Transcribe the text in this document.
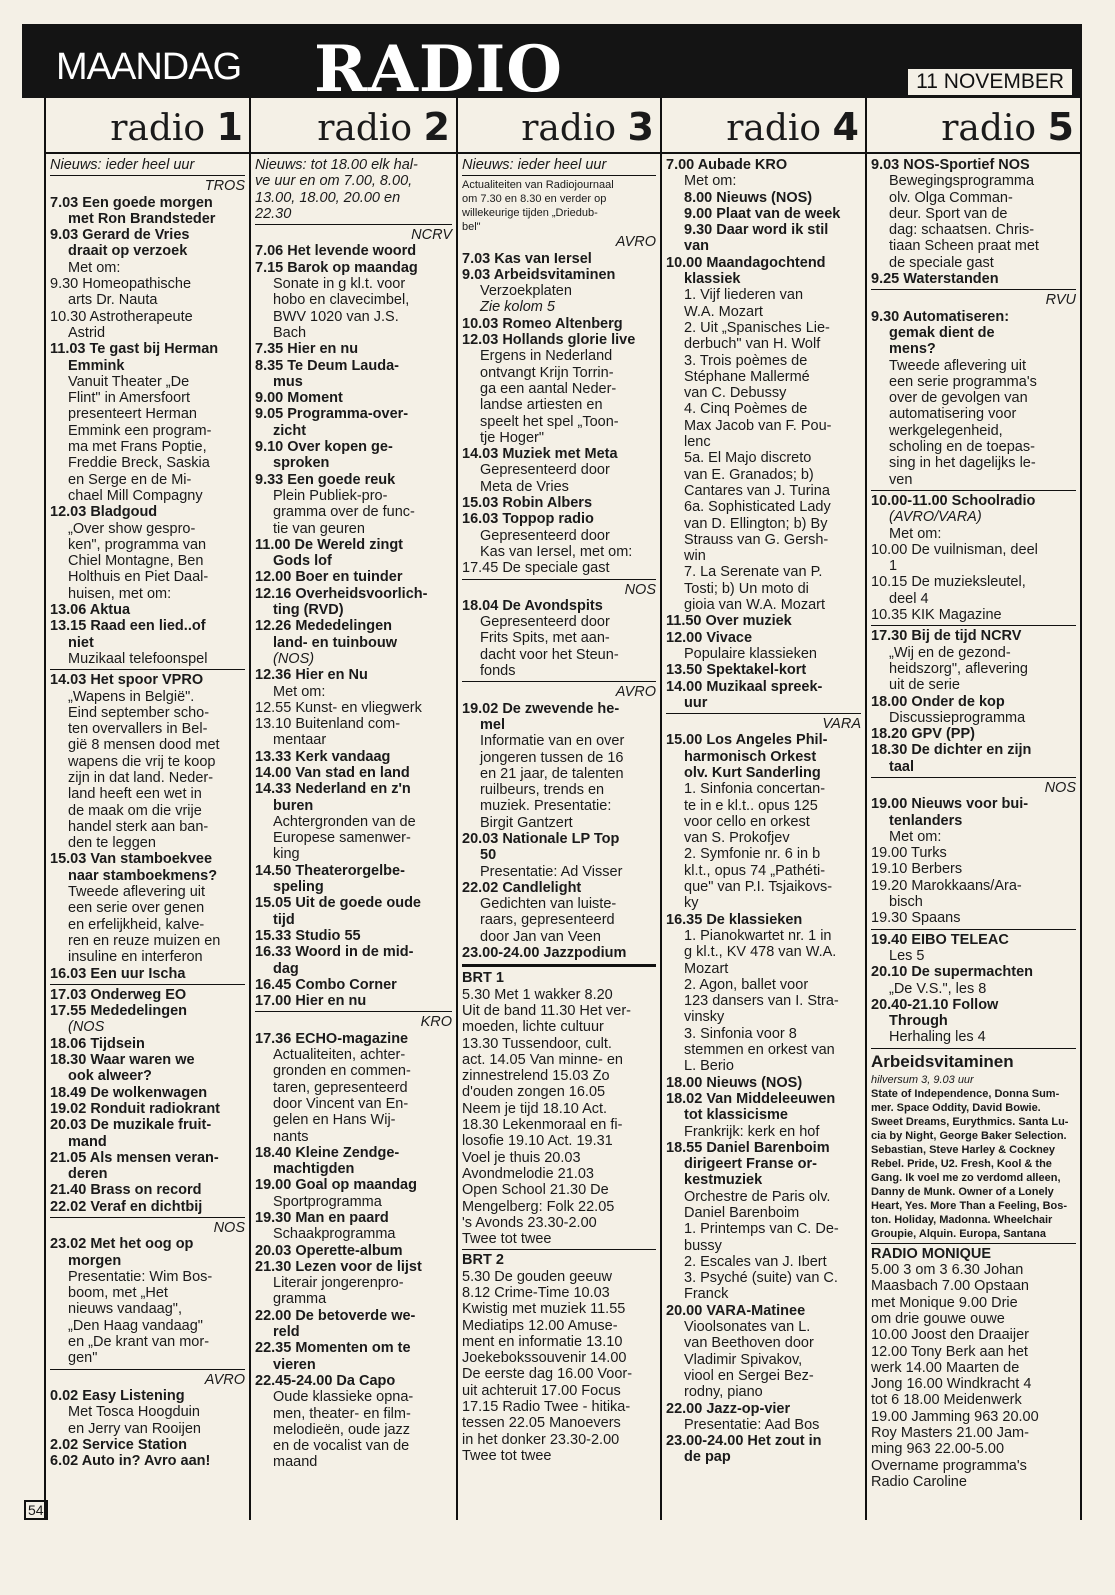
MAANDAG RADIO	11 NOVEMBER
radio 1
Nieuws: ieder heel uur
TROS
7.03 Een goede morgen
met Ron Brandsteder
9.03 Gerard de Vries
draait op verzoek
Met om:
9.30 Homeopathische
arts Dr. Nauta
10.30 Astrotherapeute
Astrid
11.03 Te gast bij Herman
Emmink
Vanuit Theater „De
Flint" in Amersfoort
presenteert Herman
Emmink een program-
ma met Frans Poptie,
Freddie Breck, Saskia
en Serge en de Mi-
chael Mill Compagny
12.03 Bladgoud
„Over show gespro-
ken", programma van
Chiel Montagne, Ben
Holthuis en Piet Daal-
huisen, met om:
13.06 Aktua
13.15 Raad een lied..of
niet
Muzikaal telefoonspel
14.03 Het spoor VPRO
„Wapens in België".
Eind september scho-
ten overvallers in Bel-
gië 8 mensen dood met
wapens die vrij te koop
zijn in dat land. Neder-
land heeft een wet in
de maak om die vrije
handel sterk aan ban-
den te leggen
15.03 Van stamboekvee
naar stamboekmens?
Tweede aflevering uit
een serie over genen
en erfelijkheid, kalve-
ren en reuze muizen en
insuline en interferon
16.03 Een uur Ischa
17.03 Onderweg EO
17.55 Mededelingen
(NOS
18.06 Tijdsein
18.30 Waar waren we
ook alweer?
18.49 De wolkenwagen
19.02 Ronduit radiokrant
20.03 De muzikale fruit-
mand
21.05 Als mensen veran-
deren
21.40 Brass on record
22.02 Veraf en dichtbij
NOS
23.02 Met het oog op
morgen
Presentatie: Wim Bos-
boom, met „Het
nieuws vandaag",
„Den Haag vandaag"
en „De krant van mor-
gen"
AVRO
0.02 Easy Listening
Met Tosca Hoogduin
en Jerry van Rooijen
2.02 Service Station
6.02 Auto in? Avro aan!
radio 2
Nieuws: tot 18.00 elk hal-
ve uur en om 7.00, 8.00,
13.00, 18.00, 20.00 en
22.30
NCRV
7.06 Het levende woord
7.15 Barok op maandag
Sonate in g kl.t. voor
hobo en clavecimbel,
BWV 1020 van J.S.
Bach
7.35 Hier en nu
8.35 Te Deum Lauda-
mus
9.00 Moment
9.05 Programma-over-
zicht
9.10 Over kopen ge-
sproken
9.33 Een goede reuk
Plein Publiek-pro-
gramma over de func-
tie van geuren
11.00 De Wereld zingt
Gods lof
12.00 Boer en tuinder
12.16 Overheidsvoorlich-
ting (RVD)
12.26 Mededelingen
land- en tuinbouw
(NOS)
12.36 Hier en Nu
Met om:
12.55 Kunst- en vliegwerk
13.10 Buitenland com-
mentaar
13.33 Kerk vandaag
14.00 Van stad en land
14.33 Nederland en z'n
buren
Achtergronden van de
Europese samenwer-
king
14.50 Theaterorgelbe-
speling
15.05 Uit de goede oude
tijd
15.33 Studio 55
16.33 Woord in de mid-
dag
16.45 Combo Corner
17.00 Hier en nu
KRO
17.36 ECHO-magazine
Actualiteiten, achter-
gronden en commen-
taren, gepresenteerd
door Vincent van En-
gelen en Hans Wij-
nants
18.40 Kleine Zendge-
machtigden
19.00 Goal op maandag
Sportprogramma
19.30 Man en paard
Schaakprogramma
20.03 Operette-album
21.30 Lezen voor de lijst
Literair jongerenpro-
gramma
22.00 De betoverde we-
reld
22.35 Momenten om te
vieren
22.45-24.00 Da Capo
Oude klassieke opna-
men, theater- en film-
melodieën, oude jazz
en de vocalist van de
maand
radio 3
Nieuws: ieder heel uur
Actualiteiten van Radiojournaal
om 7.30 en 8.30 en verder op
willekeurige tijden „Driedub-
bel"
AVRO
7.03 Kas van Iersel
9.03 Arbeidsvitaminen
Verzoekplaten
Zie kolom 5
10.03 Romeo Altenberg
12.03 Hollands glorie live
Ergens in Nederland
ontvangt Krijn Torrin-
ga een aantal Neder-
landse artiesten en
speelt het spel „Toon-
tje Hoger"
14.03 Muziek met Meta
Gepresenteerd door
Meta de Vries
15.03 Robin Albers
16.03 Toppop radio
Gepresenteerd door
Kas van Iersel, met om:
17.45 De speciale gast
NOS
18.04 De Avondspits
Gepresenteerd door
Frits Spits, met aan-
dacht voor het Steun-
fonds
AVRO
19.02 De zwevende he-
mel
Informatie van en over
jongeren tussen de 16
en 21 jaar, de talenten
ruilbeurs, trends en
muziek. Presentatie:
Birgit Gantzert
20.03 Nationale LP Top
50
Presentatie: Ad Visser
22.02 Candlelight
Gedichten van luiste-
raars, gepresenteerd
door Jan van Veen
23.00-24.00 Jazzpodium
BRT 1
5.30 Met 1 wakker 8.20
Uit de band 11.30 Het ver-
moeden, lichte cultuur
13.30 Tussendoor, cult.
act. 14.05 Van minne- en
zinnestrelend 15.03 Zo
d'ouden zongen 16.05
Neem je tijd 18.10 Act.
18.30 Lekenmoraal en fi-
losofie 19.10 Act. 19.31
Voel je thuis 20.03
Avondmelodie 21.03
Open School 21.30 De
Mengelberg: Folk 22.05
's Avonds 23.30-2.00
Twee tot twee
BRT 2
5.30 De gouden geeuw
8.12 Crime-Time 10.03
Kwistig met muziek 11.55
Mediatips 12.00 Amuse-
ment en informatie 13.10
Joekebokssouvenir 14.00
De eerste dag 16.00 Voor-
uit achteruit 17.00 Focus
17.15 Radio Twee - hitika-
tessen 22.05 Manoevers
in het donker 23.30-2.00
Twee tot twee
radio 4
7.00 Aubade KRO
Met om:
8.00 Nieuws (NOS)
9.00 Plaat van de week
9.30 Daar word ik stil
van
10.00 Maandagochtend
klassiek
1. Vijf liederen van
W.A. Mozart
2. Uit „Spanisches Lie-
derbuch" van H. Wolf
3. Trois poèmes de
Stéphane Mallermé
van C. Debussy
4. Cinq Poèmes de
Max Jacob van F. Pou-
lenc
5a. El Majo discreto
van E. Granados; b)
Cantares van J. Turina
6a. Sophisticated Lady
van D. Ellington; b) By
Strauss van G. Gersh-
win
7. La Serenate van P.
Tosti; b) Un moto di
gioia van W.A. Mozart
11.50 Over muziek
12.00 Vivace
Populaire klassieken
13.50 Spektakel-kort
14.00 Muzikaal spreek-
uur
VARA
15.00 Los Angeles Phil-
harmonisch Orkest
olv. Kurt Sanderling
1. Sinfonia concertan-
te in e kl.t.. opus 125
voor cello en orkest
van S. Prokofjev
2. Symfonie nr. 6 in b
kl.t., opus 74 „Pathéti-
que" van P.I. Tsjaikovs-
ky
16.35 De klassieken
1. Pianokwartet nr. 1 in
g kl.t., KV 478 van W.A.
Mozart
2. Agon, ballet voor
123 dansers van I. Stra-
vinsky
3. Sinfonia voor 8
stemmen en orkest van
L. Berio
18.00 Nieuws (NOS)
18.02 Van Middeleeuwen
tot klassicisme
Frankrijk: kerk en hof
18.55 Daniel Barenboim
dirigeert Franse or-
kestmuziek
Orchestre de Paris olv.
Daniel Barenboim
1. Printemps van C. De-
bussy
2. Escales van J. Ibert
3. Psyché (suite) van C.
Franck
20.00 VARA-Matinee
Vioolsonates van L.
van Beethoven door
Vladimir Spivakov,
viool en Sergei Bez-
rodny, piano
22.00 Jazz-op-vier
Presentatie: Aad Bos
23.00-24.00 Het zout in
de pap
radio 5
9.03 NOS-Sportief NOS
Bewegingsprogramma
olv. Olga Comman-
deur. Sport van de
dag: schaatsen. Chris-
tiaan Scheen praat met
de speciale gast
9.25 Waterstanden
RVU
9.30 Automatiseren:
gemak dient de
mens?
Tweede aflevering uit
een serie programma's
over de gevolgen van
automatisering voor
werkgelegenheid,
scholing en de toepas-
sing in het dagelijks le-
ven
10.00-11.00 Schoolradio
(AVRO/VARA)
Met om:
10.00 De vuilnisman, deel
1
10.15 De muzieksleutel,
deel 4
10.35 KIK Magazine
17.30 Bij de tijd NCRV
„Wij en de gezond-
heidszorg", aflevering
uit de serie
18.00 Onder de kop
Discussieprogramma
18.20 GPV (PP)
18.30 De dichter en zijn
taal
NOS
19.00 Nieuws voor bui-
tenlanders
Met om:
19.00 Turks
19.10 Berbers
19.20 Marokkaans/Ara-
bisch
19.30 Spaans
19.40 EIBO TELEAC
Les 5
20.10 De supermachten
„De V.S.", les 8
20.40-21.10 Follow
Through
Herhaling les 4
Arbeidsvitaminen
hilversum 3, 9.03 uur
State of Independence, Donna Sum-
mer. Space Oddity, David Bowie.
Sweet Dreams, Eurythmics. Santa Lu-
cia by Night, George Baker Selection.
Sebastian, Steve Harley & Cockney
Rebel. Pride, U2. Fresh, Kool & the
Gang. Ik voel me zo verdomd alleen,
Danny de Munk. Owner of a Lonely
Heart, Yes. More Than a Feeling, Bos-
ton. Holiday, Madonna. Wheelchair
Groupie, Alquin. Europa, Santana
RADIO MONIQUE
5.00 3 om 3 6.30 Johan
Maasbach 7.00 Opstaan
met Monique 9.00 Drie
om drie gouwe ouwe
10.00 Joost den Draaijer
12.00 Tony Berk aan het
werk 14.00 Maarten de
Jong 16.00 Windkracht 4
tot 6 18.00 Meidenwerk
19.00 Jamming 963 20.00
Roy Masters 21.00 Jam-
ming 963 22.00-5.00
Overname programma's
Radio Caroline
54
